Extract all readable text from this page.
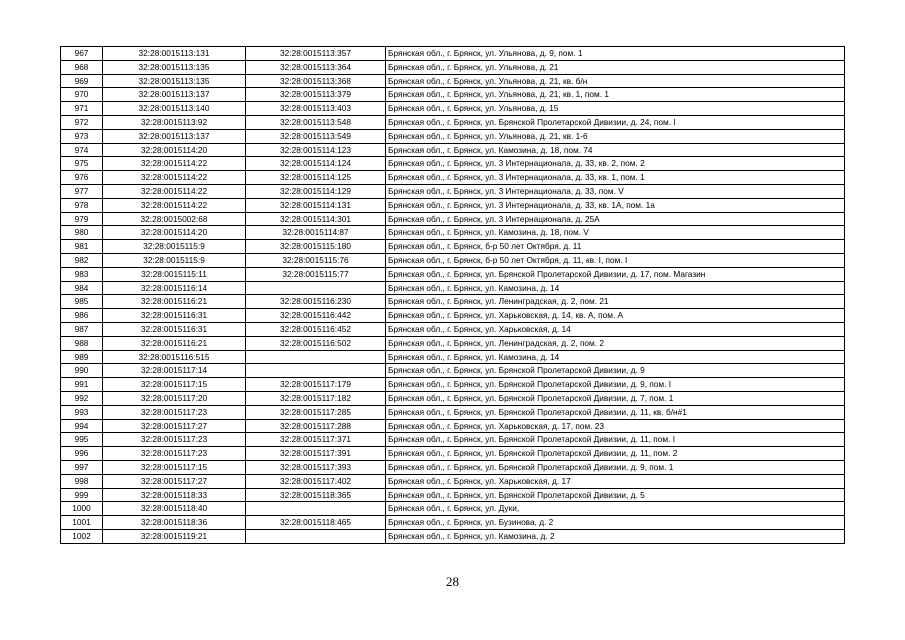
967	32:28:0015113:131	32:28:0015113:357	Брянская обл., г. Брянск, ул. Ульянова, д. 9, пом. 1
968	32:28:0015113:135	32:28:0015113:364	Брянская обл., г. Брянск, ул. Ульянова, д. 21
969	32:28:0015113:135	32:28:0015113:368	Брянская обл., г. Брянск, ул. Ульянова, д. 21, кв. б/н
970	32:28:0015113:137	32:28:0015113:379	Брянская обл., г. Брянск, ул. Ульянова, д. 21, кв. 1, пом. 1
971	32:28:0015113:140	32:28:0015113:403	Брянская обл., г. Брянск, ул. Ульянова, д. 15
972	32:28:0015113:92	32:28:0015113:548	Брянская обл., г. Брянск, ул. Брянской Пролетарской Дивизии, д. 24, пом. I
973	32:28:0015113:137	32:28:0015113:549	Брянская обл., г. Брянск, ул. Ульянова, д. 21, кв. 1-6
974	32:28:0015114:20	32:28:0015114:123	Брянская обл., г. Брянск, ул. Камозина, д. 18, пом. 74
975	32:28:0015114:22	32:28:0015114:124	Брянская обл., г. Брянск, ул. 3 Интернационала, д. 33, кв. 2, пом. 2
976	32:28:0015114:22	32:28:0015114:125	Брянская обл., г. Брянск, ул. 3 Интернационала, д. 33, кв. 1, пом. 1
977	32:28:0015114:22	32:28:0015114:129	Брянская обл., г. Брянск, ул. 3 Интернационала, д. 33, пом. V
978	32:28:0015114:22	32:28:0015114:131	Брянская обл., г. Брянск, ул. 3 Интернационала, д. 33, кв. 1А, пом. 1а
979	32:28:0015002:68	32:28:0015114:301	Брянская обл., г. Брянск, ул. 3 Интернационала, д. 25А
980	32:28:0015114:20	32:28:0015114:87	Брянская обл., г. Брянск, ул. Камозина, д. 18, пом. V
981	32:28:0015115:9	32:28:0015115:180	Брянская обл., г. Брянск, б-р 50 лет Октября, д. 11
982	32:28:0015115:9	32:28:0015115:76	Брянская обл., г. Брянск, б-р 50 лет Октября, д. 11, кв. I, пом. I
983	32:28:0015115:11	32:28:0015115:77	Брянская обл., г. Брянск, ул. Брянской Пролетарской Дивизии, д. 17, пом. Магазин
984	32:28:0015116:14		Брянская обл., г. Брянск, ул. Камозина, д. 14
985	32:28:0015116:21	32:28:0015116:230	Брянская обл., г. Брянск, ул. Ленинградская, д. 2, пом. 21
986	32:28:0015116:31	32:28:0015116:442	Брянская обл., г. Брянск, ул. Харьковская, д. 14, кв. А, пом. А
987	32:28:0015116:31	32:28:0015116:452	Брянская обл., г. Брянск, ул. Харьковская, д. 14
988	32:28:0015116:21	32:28:0015116:502	Брянская обл., г. Брянск, ул. Ленинградская, д. 2, пом. 2
989	32:28:0015116:515		Брянская обл., г. Брянск, ул. Камозина, д. 14
990	32:28:0015117:14		Брянская обл., г. Брянск, ул. Брянской Пролетарской Дивизии, д. 9
991	32:28:0015117:15	32:28:0015117:179	Брянская обл., г. Брянск, ул. Брянской Пролетарской Дивизии, д. 9, пом. I
992	32:28:0015117:20	32:28:0015117:182	Брянская обл., г. Брянск, ул. Брянской Пролетарской Дивизии, д. 7, пом. 1
993	32:28:0015117:23	32:28:0015117:285	Брянская обл., г. Брянск, ул. Брянской Пролетарской Дивизии, д. 11, кв. б/н#1
994	32:28:0015117:27	32:28:0015117:288	Брянская обл., г. Брянск, ул. Харьковская, д. 17, пом. 23
995	32:28:0015117:23	32:28:0015117:371	Брянская обл., г. Брянск, ул. Брянской Пролетарской Дивизии, д. 11, пом. I
996	32:28:0015117:23	32:28:0015117:391	Брянская обл., г. Брянск, ул. Брянской Пролетарской Дивизии, д. 11, пом. 2
997	32:28:0015117:15	32:28:0015117:393	Брянская обл., г. Брянск, ул. Брянской Пролетарской Дивизии, д. 9, пом. 1
998	32:28:0015117:27	32:28:0015117:402	Брянская обл., г. Брянск, ул. Харьковская, д. 17
999	32:28:0015118:33	32:28:0015118:365	Брянская обл., г. Брянск, ул. Брянской Пролетарской Дивизии, д. 5
1000	32:28:0015118:40		Брянская обл., г. Брянск, ул. Дуки,
1001	32:28:0015118:36	32:28:0015118:465	Брянская обл., г. Брянск, ул. Бузинова, д. 2
1002	32:28:0015119:21		Брянская обл., г. Брянск, ул. Камозина, д. 2
28
